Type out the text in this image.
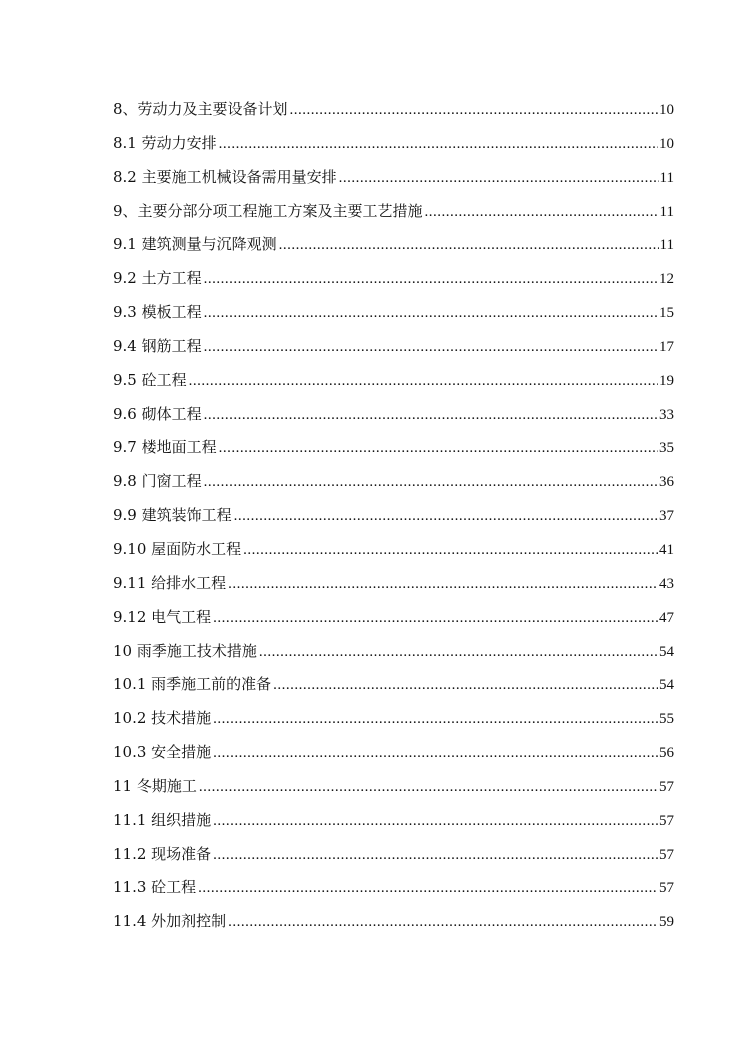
8、劳动力及主要设备计划 .....	10
8.1 劳动力安排 .....	10
8.2 主要施工机械设备需用量安排 .....	11
9、主要分部分项工程施工方案及主要工艺措施 .....	11
9.1 建筑测量与沉降观测 .....	11
9.2 土方工程 .....	12
9.3 模板工程 .....	15
9.4 钢筋工程 .....	17
9.5 砼工程 .....	19
9.6 砌体工程 .....	33
9.7 楼地面工程 .....	35
9.8 门窗工程 .....	36
9.9 建筑装饰工程 .....	37
9.10 屋面防水工程 .....	41
9.11 给排水工程 .....	43
9.12 电气工程 .....	47
10 雨季施工技术措施 .....	54
10.1 雨季施工前的准备 .....	54
10.2 技术措施 .....	55
10.3 安全措施 .....	56
11 冬期施工 .....	57
11.1 组织措施 .....	57
11.2 现场准备 .....	57
11.3 砼工程 .....	57
11.4 外加剂控制 .....	59
